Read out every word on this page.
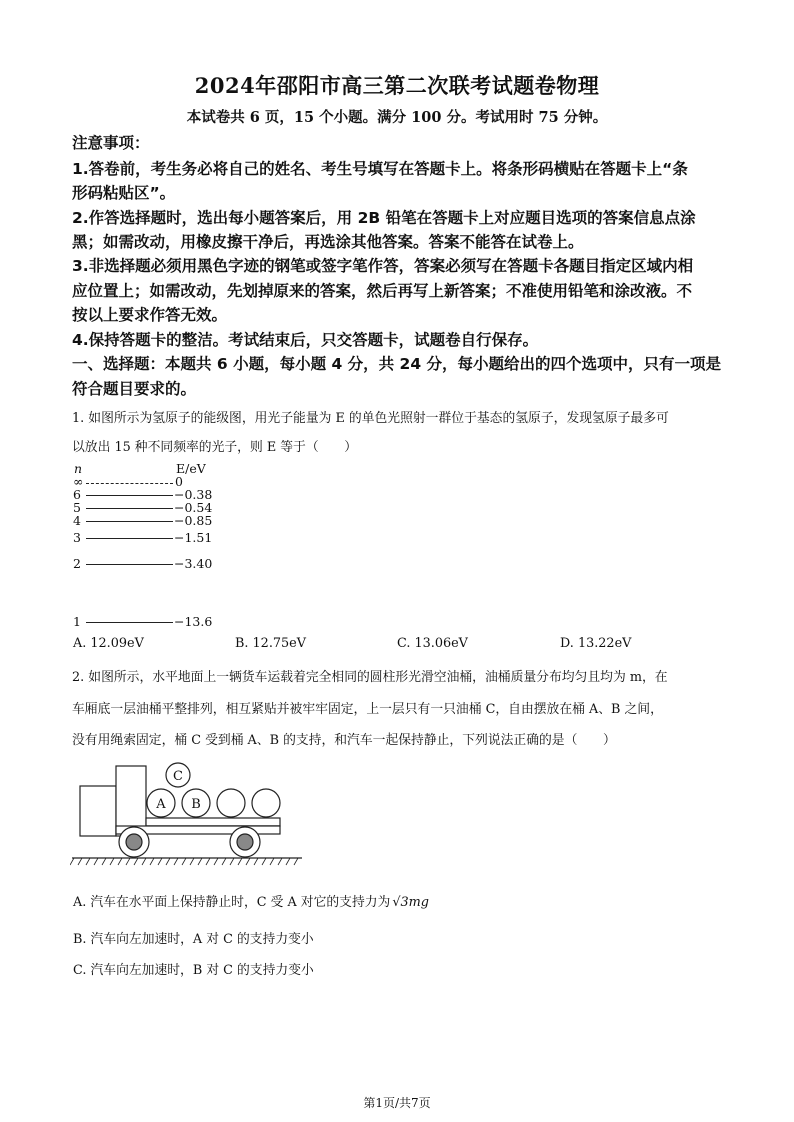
2024年邵阳市高三第二次联考试题卷物理
本试卷共 6 页，15 个小题。满分 100 分。考试用时 75 分钟。
注意事项：
1.答卷前，考生务必将自己的姓名、考生号填写在答题卡上。将条形码横贴在答题卡上“条
形码粘贴区”。
2.作答选择题时，选出每小题答案后，用 2B 铅笔在答题卡上对应题目选项的答案信息点涂
黑；如需改动，用橡皮擦干净后，再选涂其他答案。答案不能答在试卷上。
3.非选择题必须用黑色字迹的钢笔或签字笔作答，答案必须写在答题卡各题目指定区域内相
应位置上；如需改动，先划掉原来的答案，然后再写上新答案；不准使用铅笔和涂改液。不
按以上要求作答无效。
4.保持答题卡的整洁。考试结束后，只交答题卡，试题卷自行保存。
一、选择题：本题共 6 小题，每小题 4 分，共 24 分，每小题给出的四个选项中，只有一项是
符合题目要求的。
1. 如图所示为氢原子的能级图，用光子能量为 E 的单色光照射一群位于基态的氢原子，发现氢原子最多可
以放出 15 种不同频率的光子，则 E 等于（　　）
n	E/eV
∞	0
6	−0.38
5	−0.54
4	−0.85
3	−1.51
2	−3.40
1	−13.6
A. 12.09eV	B. 12.75eV	C. 13.06eV	D. 13.22eV
2. 如图所示，水平地面上一辆货车运载着完全相同的圆柱形光滑空油桶，油桶质量分布均匀且均为 m，在
车厢底一层油桶平整排列，相互紧贴并被牢牢固定，上一层只有一只油桶 C，自由摆放在桶 A、B 之间，
没有用绳索固定，桶 C 受到桶 A、B 的支持，和汽车一起保持静止，下列说法正确的是（　　）
A B
C
A. 汽车在水平面上保持静止时，C 受 A 对它的支持力为 √3mg
B. 汽车向左加速时，A 对 C 的支持力变小
C. 汽车向左加速时，B 对 C 的支持力变小
第1页/共7页
